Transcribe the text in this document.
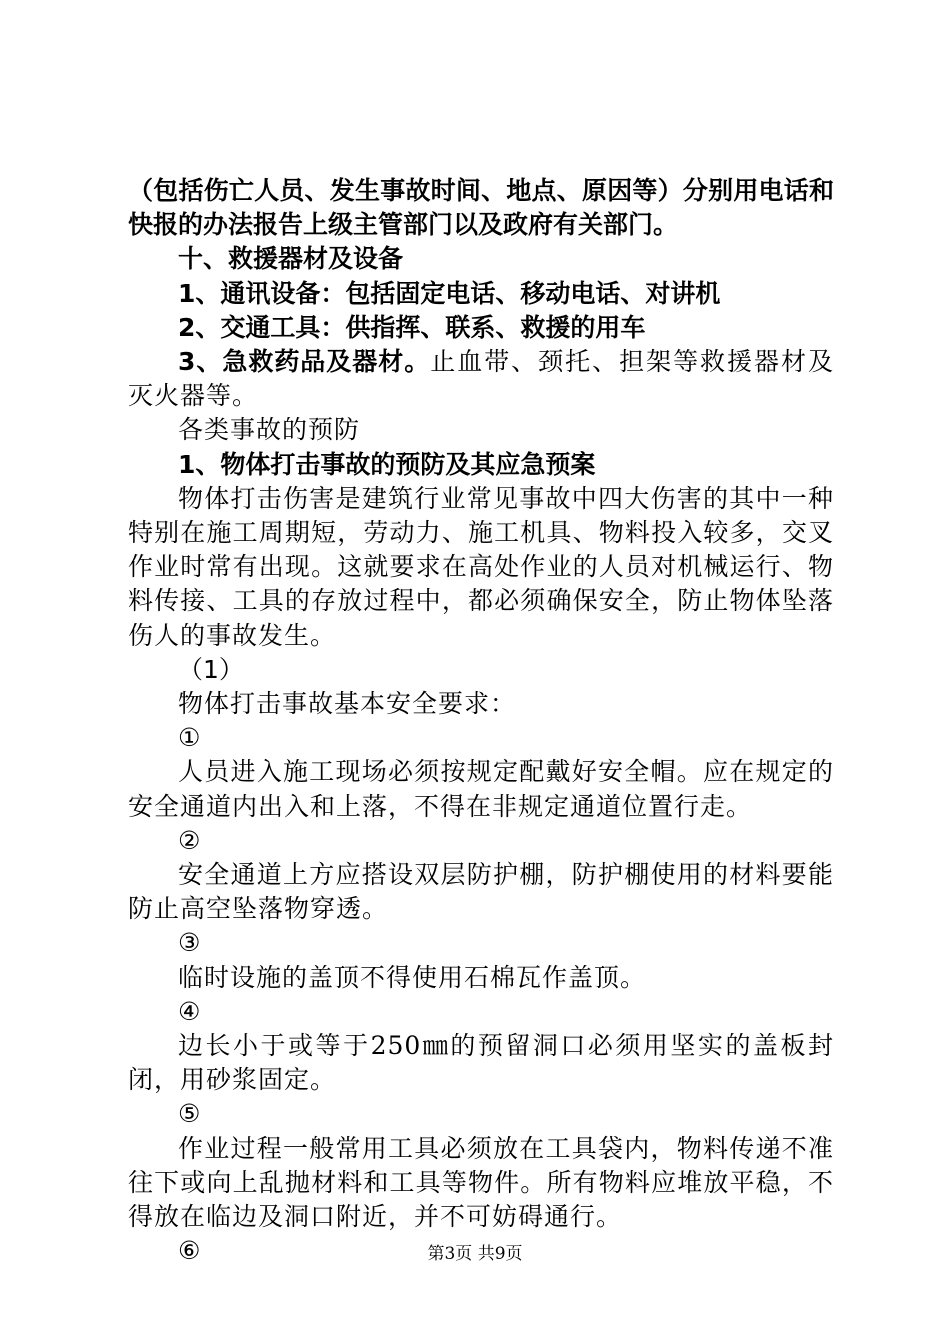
（包括伤亡人员、发生事故时间、地点、原因等）分别用电话和快报的办法报告上级主管部门以及政府有关部门。

十、救援器材及设备

1、通讯设备：包括固定电话、移动电话、对讲机

2、交通工具：供指挥、联系、救援的用车

3、急救药品及器材。止血带、颈托、担架等救援器材及灭火器等。

各类事故的预防

1、物体打击事故的预防及其应急预案

物体打击伤害是建筑行业常见事故中四大伤害的其中一种特别在施工周期短，劳动力、施工机具、物料投入较多，交叉作业时常有出现。这就要求在高处作业的人员对机械运行、物料传接、工具的存放过程中，都必须确保安全，防止物体坠落伤人的事故发生。

（1）

物体打击事故基本安全要求：

①

人员进入施工现场必须按规定配戴好安全帽。应在规定的安全通道内出入和上落，不得在非规定通道位置行走。

②

安全通道上方应搭设双层防护棚，防护棚使用的材料要能防止高空坠落物穿透。

③

临时设施的盖顶不得使用石棉瓦作盖顶。

④

边长小于或等于250㎜的预留洞口必须用坚实的盖板封闭，用砂浆固定。

⑤

作业过程一般常用工具必须放在工具袋内，物料传递不准往下或向上乱抛材料和工具等物件。所有物料应堆放平稳，不得放在临边及洞口附近，并不可妨碍通行。

⑥	第3页 共9页
